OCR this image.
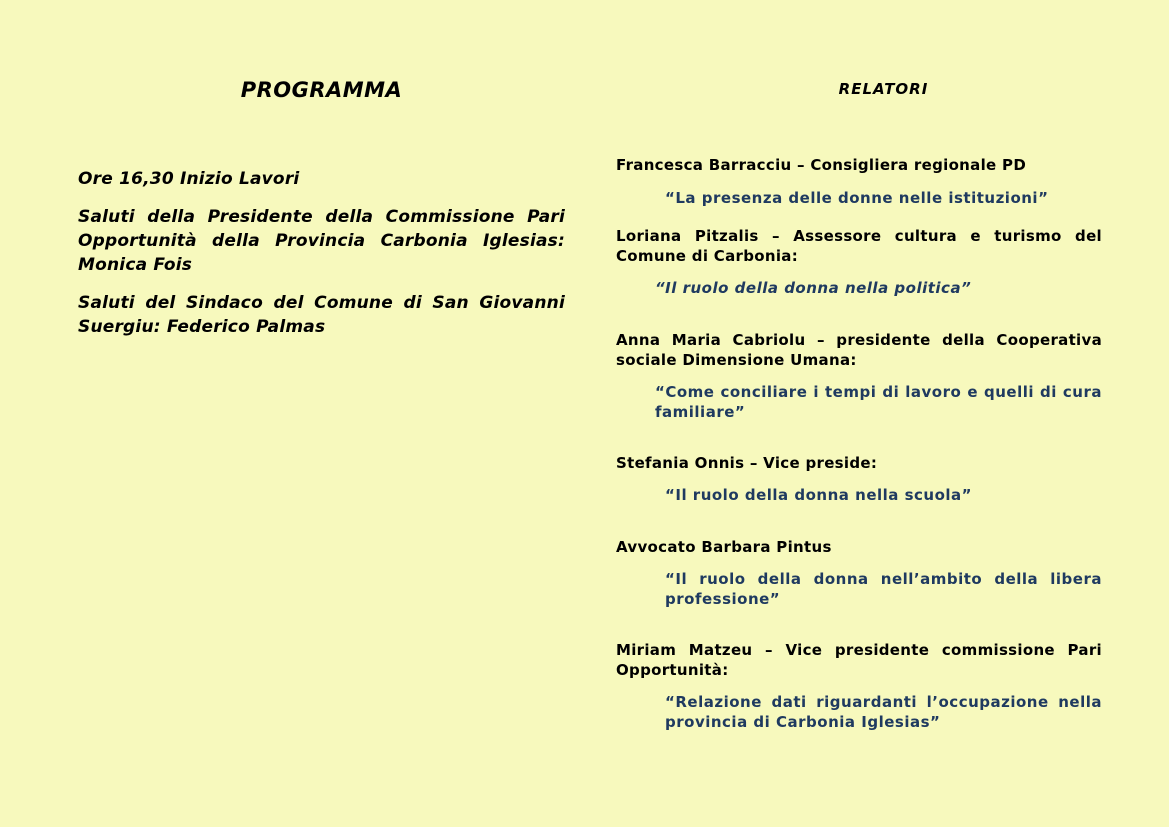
PROGRAMMA

Ore 16,30 Inizio Lavori

Saluti della Presidente della Commissione Pari Opportunità della Provincia Carbonia Iglesias: Monica Fois

Saluti del Sindaco del Comune di San Giovanni Suergiu: Federico Palmas

RELATORI

Francesca Barracciu – Consigliera regionale PD

“La presenza delle donne nelle istituzioni”

Loriana Pitzalis – Assessore cultura e turismo del Comune di Carbonia:

“Il ruolo della donna nella politica”

Anna Maria Cabriolu – presidente della Cooperativa sociale Dimensione Umana:

“Come conciliare i tempi di lavoro e quelli di cura familiare”

Stefania Onnis – Vice preside:

“Il ruolo della donna nella scuola”

Avvocato Barbara Pintus

“Il ruolo della donna nell’ambito della libera professione”

Miriam Matzeu – Vice presidente commissione Pari Opportunità:

“Relazione dati riguardanti l’occupazione nella provincia di Carbonia Iglesias”
